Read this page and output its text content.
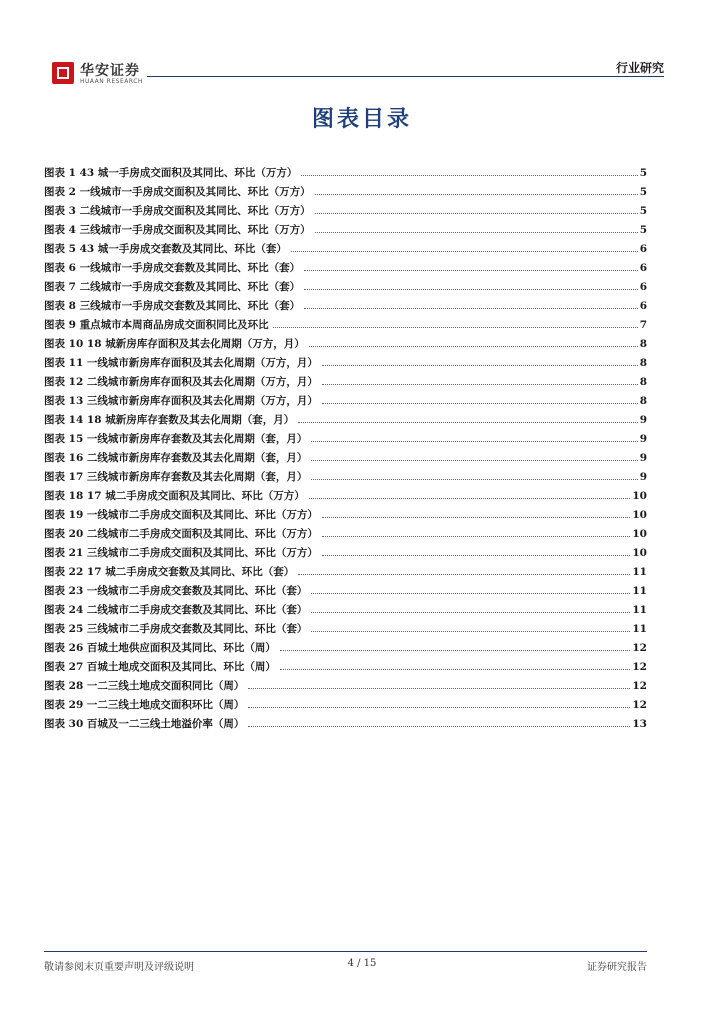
华安证券
HUAAN RESEARCH
行业研究
图表目录
图表 1 43 城一手房成交面积及其同比、环比（万方）	5
图表 2 一线城市一手房成交面积及其同比、环比（万方）	5
图表 3 二线城市一手房成交面积及其同比、环比（万方）	5
图表 4 三线城市一手房成交面积及其同比、环比（万方）	5
图表 5 43 城一手房成交套数及其同比、环比（套）	6
图表 6 一线城市一手房成交套数及其同比、环比（套）	6
图表 7 二线城市一手房成交套数及其同比、环比（套）	6
图表 8 三线城市一手房成交套数及其同比、环比（套）	6
图表 9 重点城市本周商品房成交面积同比及环比	7
图表 10 18 城新房库存面积及其去化周期（万方，月）	8
图表 11 一线城市新房库存面积及其去化周期（万方，月）	8
图表 12 二线城市新房库存面积及其去化周期（万方，月）	8
图表 13 三线城市新房库存面积及其去化周期（万方，月）	8
图表 14 18 城新房库存套数及其去化周期（套，月）	9
图表 15 一线城市新房库存套数及其去化周期（套，月）	9
图表 16 二线城市新房库存套数及其去化周期（套，月）	9
图表 17 三线城市新房库存套数及其去化周期（套，月）	9
图表 18 17 城二手房成交面积及其同比、环比（万方）	10
图表 19 一线城市二手房成交面积及其同比、环比（万方）	10
图表 20 二线城市二手房成交面积及其同比、环比（万方）	10
图表 21 三线城市二手房成交面积及其同比、环比（万方）	10
图表 22 17 城二手房成交套数及其同比、环比（套）	11
图表 23 一线城市二手房成交套数及其同比、环比（套）	11
图表 24 二线城市二手房成交套数及其同比、环比（套）	11
图表 25 三线城市二手房成交套数及其同比、环比（套）	11
图表 26 百城土地供应面积及其同比、环比（周）	12
图表 27 百城土地成交面积及其同比、环比（周）	12
图表 28 一二三线土地成交面积同比（周）	12
图表 29 一二三线土地成交面积环比（周）	12
图表 30 百城及一二三线土地溢价率（周）	13
敬请参阅末页重要声明及评级说明	4 / 15	证券研究报告
